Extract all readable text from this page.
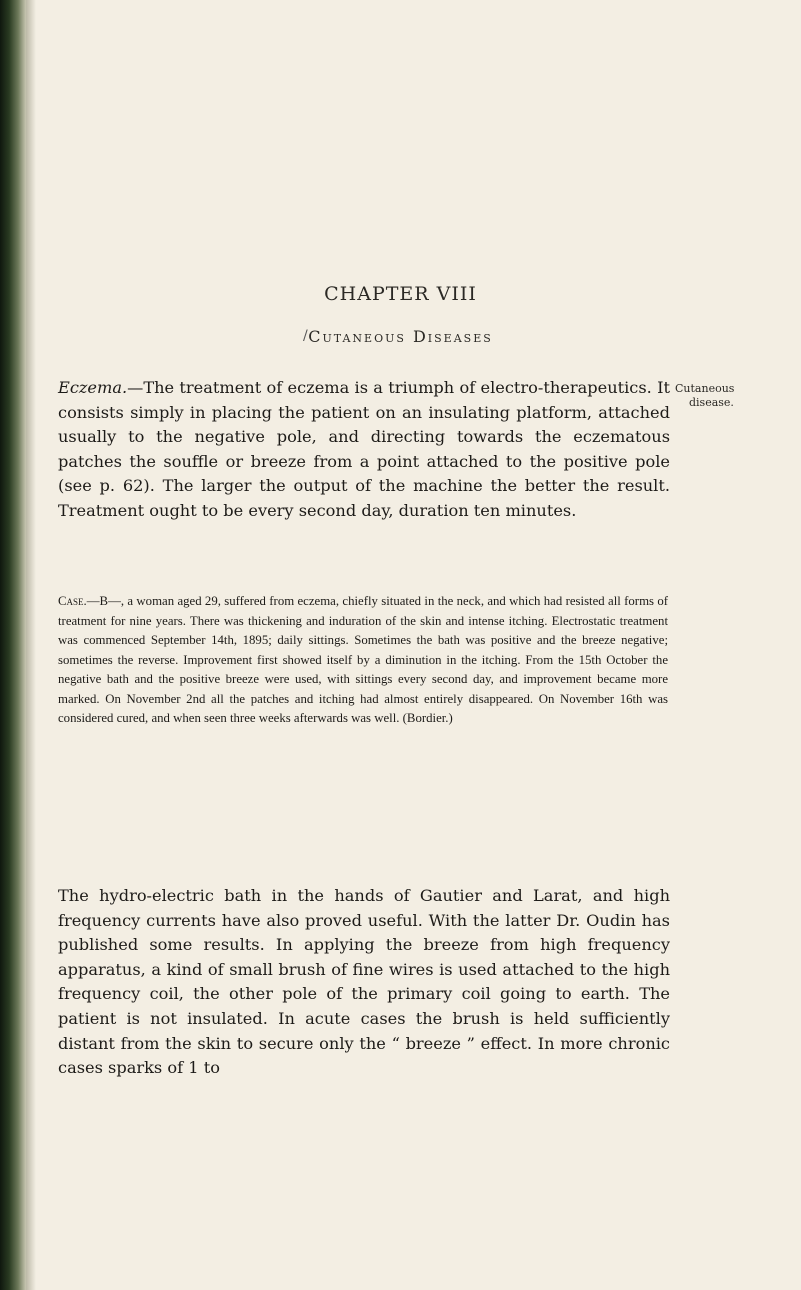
CHAPTER VIII
/ Cutaneous Diseases
Cutaneous
disease.

Eczema.—The treatment of eczema is a triumph of electro-therapeutics. It consists simply in placing the patient on an insulating platform, attached usually to the negative pole, and directing towards the eczematous patches the souffle or breeze from a point attached to the positive pole (see p. 62). The larger the output of the machine the better the result. Treatment ought to be every second day, duration ten minutes.

Case.—B—, a woman aged 29, suffered from eczema, chiefly situated in the neck, and which had resisted all forms of treatment for nine years. There was thickening and induration of the skin and intense itching. Electrostatic treatment was commenced September 14th, 1895; daily sittings. Sometimes the bath was positive and the breeze negative; sometimes the reverse. Improvement first showed itself by a diminution in the itching. From the 15th October the negative bath and the positive breeze were used, with sittings every second day, and improvement became more marked. On November 2nd all the patches and itching had almost entirely disappeared. On November 16th was considered cured, and when seen three weeks afterwards was well. (Bordier.)

The hydro-electric bath in the hands of Gautier and Larat, and high frequency currents have also proved useful. With the latter Dr. Oudin has published some results. In applying the breeze from high frequency apparatus, a kind of small brush of fine wires is used attached to the high frequency coil, the other pole of the primary coil going to earth. The patient is not insulated. In acute cases the brush is held sufficiently distant from the skin to secure only the “ breeze ” effect. In more chronic cases sparks of 1 to
